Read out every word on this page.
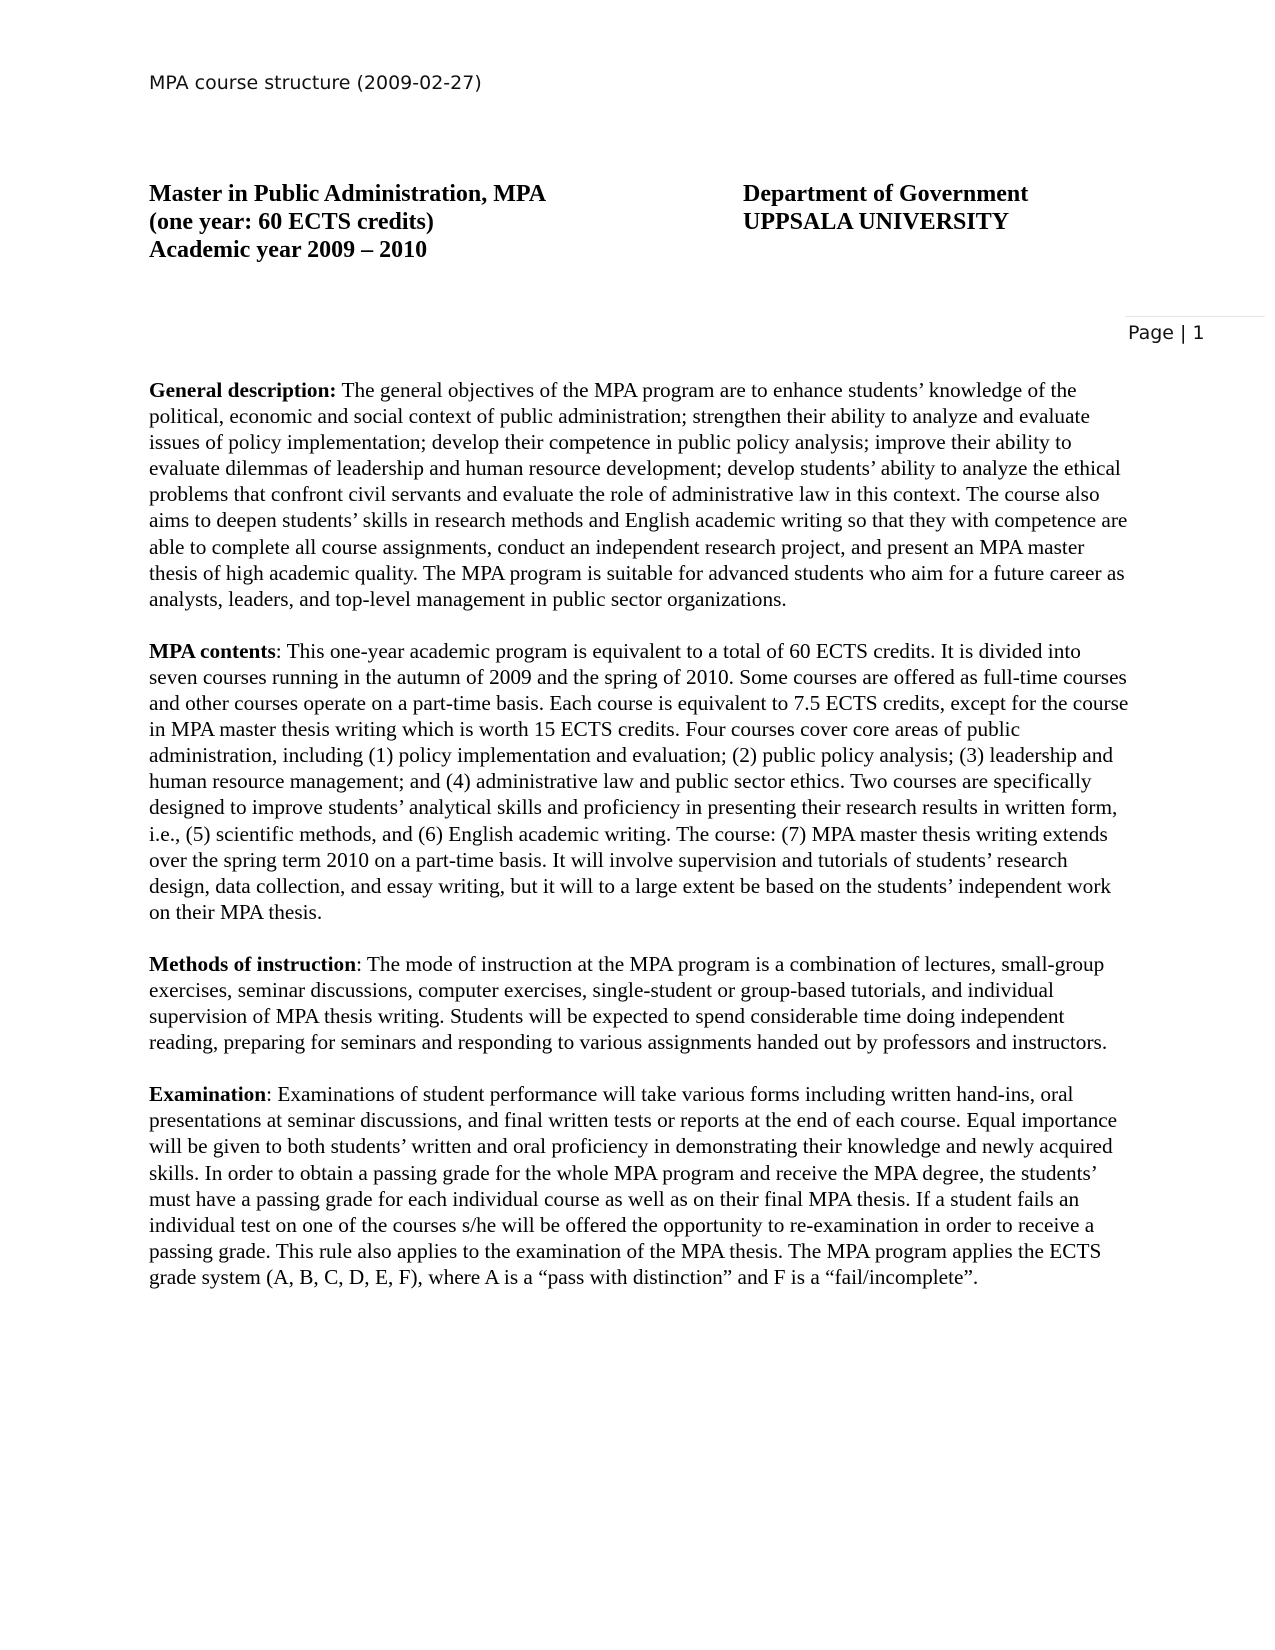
MPA course structure (2009-02-27)
Master in Public Administration, MPA
(one year: 60 ECTS credits)
Academic year 2009 – 2010
Department of Government
UPPSALA UNIVERSITY
Page | 1

General description: The general objectives of the MPA program are to enhance students’ knowledge of the political, economic and social context of public administration; strengthen their ability to analyze and evaluate issues of policy implementation; develop their competence in public policy analysis; improve their ability to evaluate dilemmas of leadership and human resource development; develop students’ ability to analyze the ethical problems that confront civil servants and evaluate the role of administrative law in this context. The course also aims to deepen students’ skills in research methods and English academic writing so that they with competence are able to complete all course assignments, conduct an independent research project, and present an MPA master thesis of high academic quality. The MPA program is suitable for advanced students who aim for a future career as analysts, leaders, and top-level management in public sector organizations.

MPA contents: This one-year academic program is equivalent to a total of 60 ECTS credits. It is divided into seven courses running in the autumn of 2009 and the spring of 2010. Some courses are offered as full-time courses and other courses operate on a part-time basis. Each course is equivalent to 7.5 ECTS credits, except for the course in MPA master thesis writing which is worth 15 ECTS credits. Four courses cover core areas of public administration, including (1) policy implementation and evaluation; (2) public policy analysis; (3) leadership and human resource management; and (4) administrative law and public sector ethics. Two courses are specifically designed to improve students’ analytical skills and proficiency in presenting their research results in written form, i.e., (5) scientific methods, and (6) English academic writing. The course: (7) MPA master thesis writing extends over the spring term 2010 on a part-time basis. It will involve supervision and tutorials of students’ research design, data collection, and essay writing, but it will to a large extent be based on the students’ independent work on their MPA thesis.

Methods of instruction: The mode of instruction at the MPA program is a combination of lectures, small-group exercises, seminar discussions, computer exercises, single-student or group-based tutorials, and individual supervision of MPA thesis writing. Students will be expected to spend considerable time doing independent reading, preparing for seminars and responding to various assignments handed out by professors and instructors.

Examination: Examinations of student performance will take various forms including written hand-ins, oral presentations at seminar discussions, and final written tests or reports at the end of each course. Equal importance will be given to both students’ written and oral proficiency in demonstrating their knowledge and newly acquired skills. In order to obtain a passing grade for the whole MPA program and receive the MPA degree, the students’ must have a passing grade for each individual course as well as on their final MPA thesis. If a student fails an individual test on one of the courses s/he will be offered the opportunity to re-examination in order to receive a passing grade. This rule also applies to the examination of the MPA thesis. The MPA program applies the ECTS grade system (A, B, C, D, E, F), where A is a “pass with distinction” and F is a “fail/incomplete”.
